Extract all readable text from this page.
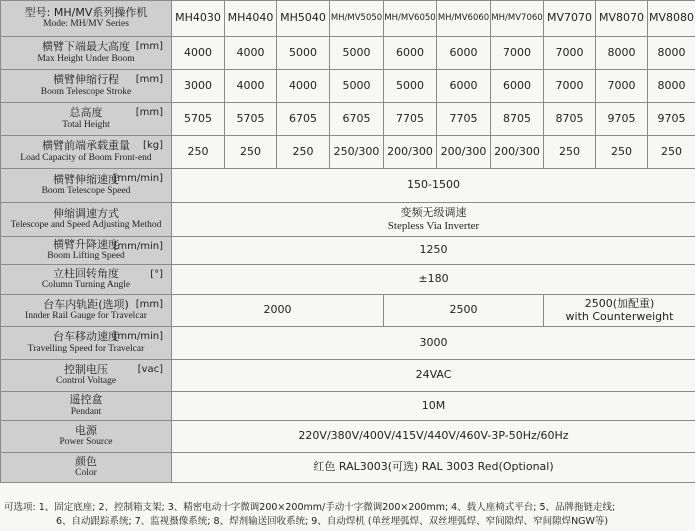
型号: MH/MV系列操作机
Mode: MH/MV Series	MH4030	MH4040	MH5040	MH/MV5050	MH/MV6050	MH/MV6060	MH/MV7060	MV7070	MV8070	MV8080

横臂下端最大高度
Max Height Under Boom
[mm]	4000	4000	5000	5000	6000	6000	7000	7000	8000	8000

横臂伸缩行程
Boom Telescope Stroke
[mm]	3000	4000	4000	5000	5000	6000	6000	7000	7000	8000

总高度
Total Height
[mm]	5705	5705	6705	6705	7705	7705	8705	8705	9705	9705

横臂前端承载重量
Load Capacity of Boom Front-end
[kg]	250	250	250	250/300	200/300	200/300	200/300	250	250	250

横臂伸缩速度
Boom Telescope Speed
[mm/min]	150-1500									

伸缩调速方式
Telescope and Speed Adjusting Method	变频无级调速
Stepless Via Inverter									

横臂升降速度
Boom Lifting Speed
[mm/min]	1250									

立柱回转角度
Column Turning Angle
[°]	±180									

台车内轨距(选项)
Innder Rail Gauge for Travelcar
[mm]	2000				2500			2500(加配重)
with Counterweight		

台车移动速度
Travelling Speed for Travelcar
[mm/min]	3000									

控制电压
Control Voltage
[vac]	24VAC									

遥控盒
Pendant	10M									

电源
Power Source	220V/380V/400V/415V/440V/460V-3P-50Hz/60Hz									

颜色
Color	红色 RAL3003(可选) RAL 3003 Red(Optional)									
可选项: 1、固定底座; 2、控制箱支架; 3、精密电动十字微调200×200mm/手动十字微调200×200mm; 4、载人座椅式平台; 5、品牌拖链走线;
6、自动跟踪系统; 7、监视摄像系统; 8、焊剂输送回收系统; 9、自动焊机 (单丝埋弧焊、双丝埋弧焊、窄间隙焊、窄间隙焊NGW等)
